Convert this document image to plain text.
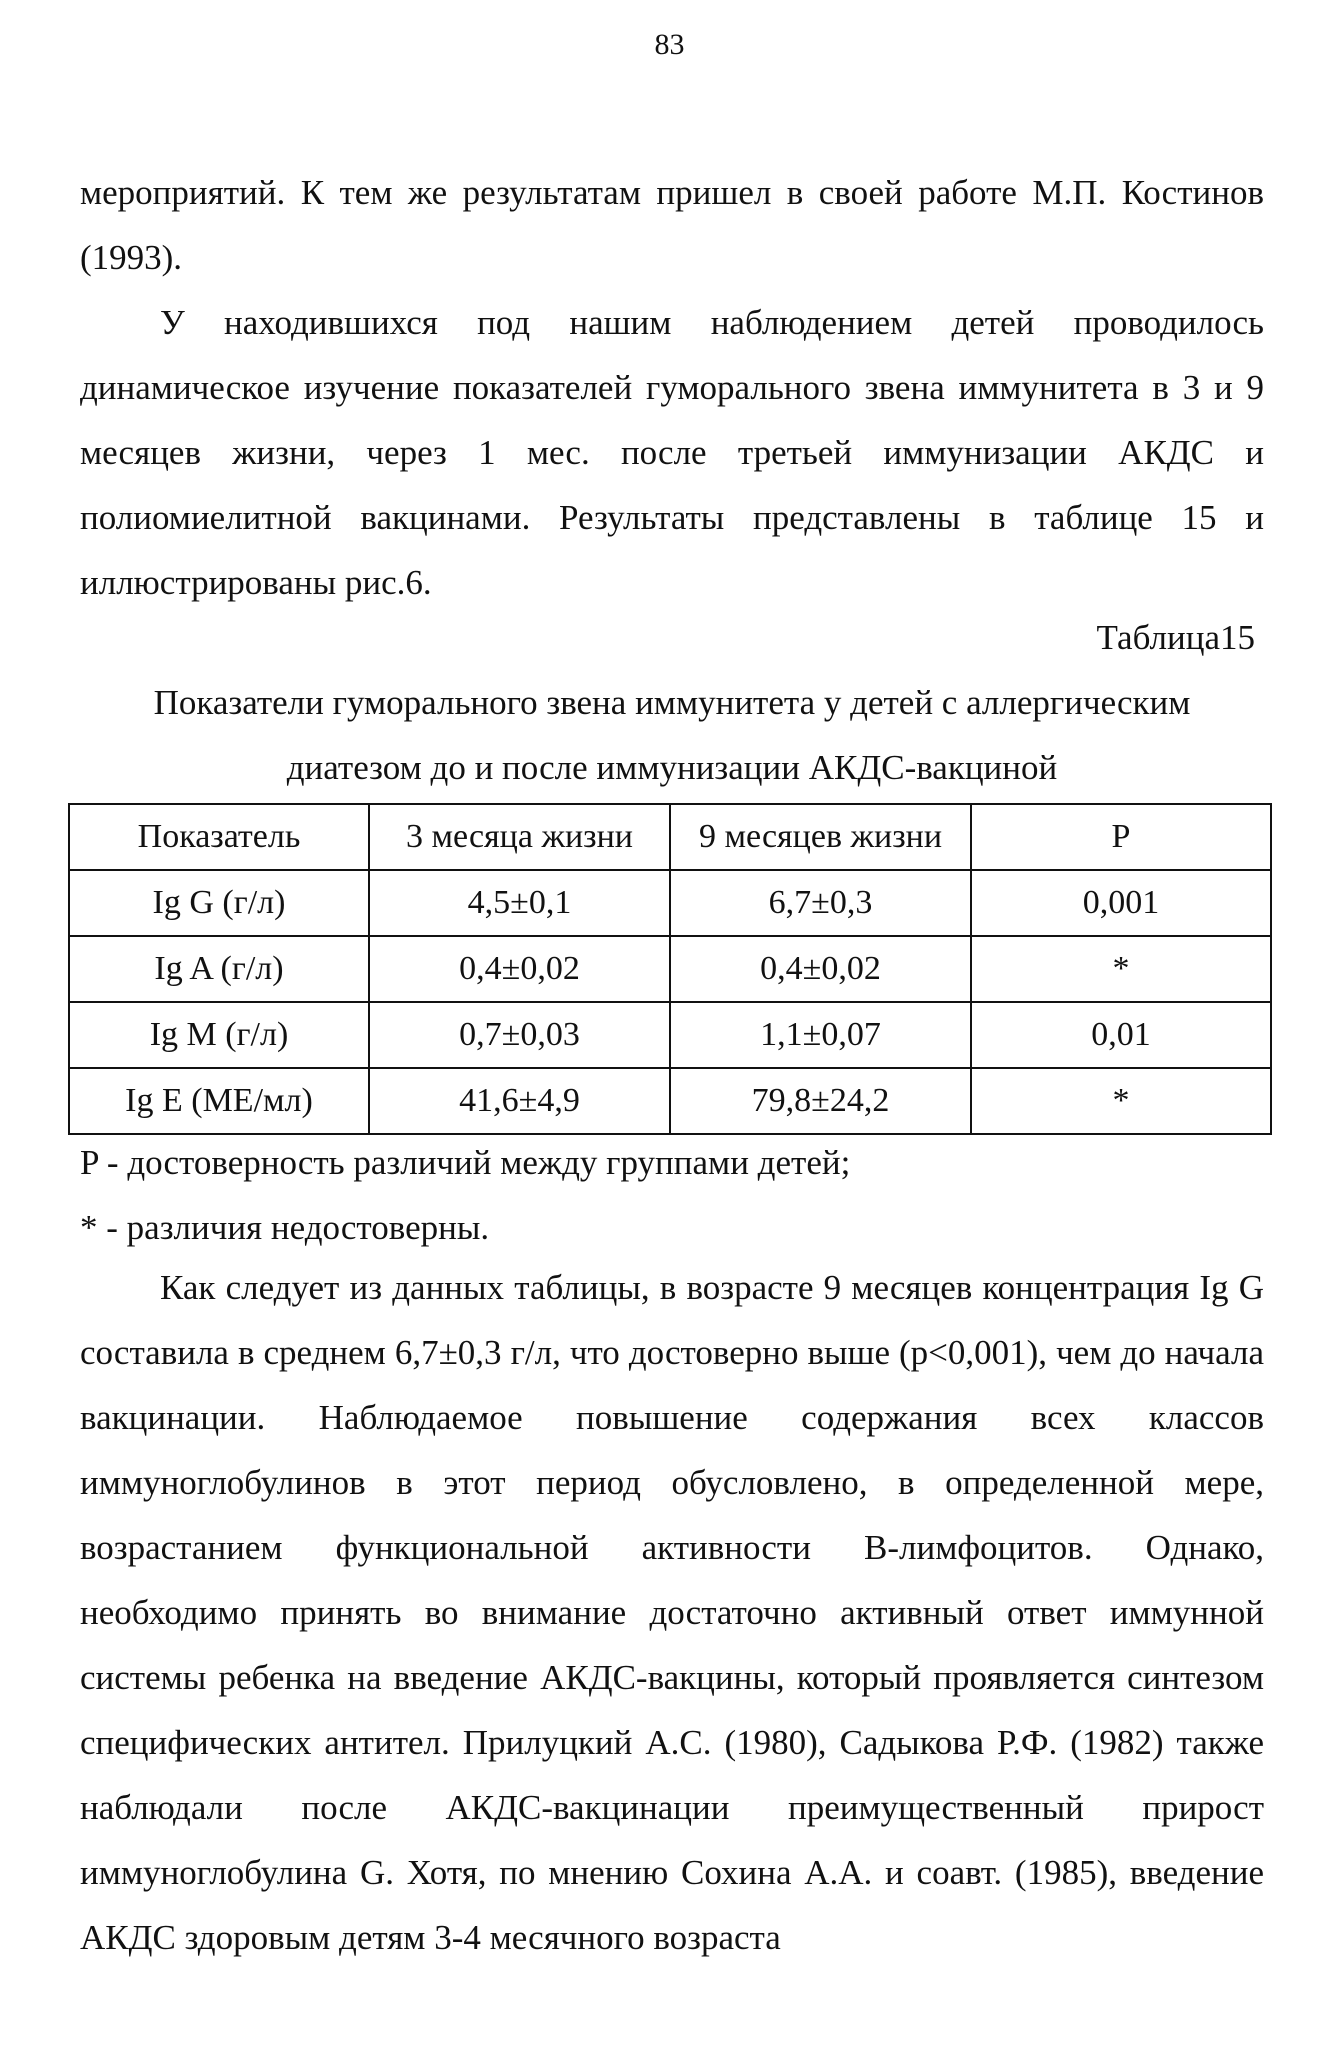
83

мероприятий. К тем же результатам пришел в своей работе М.П. Костинов (1993).

У находившихся под нашим наблюдением детей проводилось динамическое изучение показателей гуморального звена иммунитета в 3 и 9 месяцев жизни, через 1 мес. после третьей иммунизации АКДС и полиомиелитной вакцинами. Результаты представлены в таблице 15 и иллюстрированы рис.6.

Таблица15
Показатели гуморального звена иммунитета у детей с аллергическим
диатезом до и после иммунизации АКДС-вакциной
Показатель	3 месяца жизни	9 месяцев жизни	P
Ig G (г/л)	4,5±0,1	6,7±0,3	0,001
Ig A (г/л)	0,4±0,02	0,4±0,02	*
Ig M (г/л)	0,7±0,03	1,1±0,07	0,01
Ig E (МЕ/мл)	41,6±4,9	79,8±24,2	*

P - достоверность различий между группами детей;

* - различия недостоверны.

Как следует из данных таблицы, в возрасте 9 месяцев концентрация Ig G составила в среднем 6,7±0,3 г/л, что достоверно выше (p<0,001), чем до начала вакцинации. Наблюдаемое повышение содержания всех классов иммуноглобулинов в этот период обусловлено, в определенной мере, возрастанием функциональной активности В-лимфоцитов. Однако, необходимо принять во внимание достаточно активный ответ иммунной системы ребенка на введение АКДС-вакцины, который проявляется синтезом специфических антител. Прилуцкий А.С. (1980), Садыкова Р.Ф. (1982) также наблюдали после АКДС-вакцинации преимущественный прирост иммуноглобулина G. Хотя, по мнению Сохина А.А. и соавт. (1985), введение АКДС здоровым детям 3-4 месячного возраста
